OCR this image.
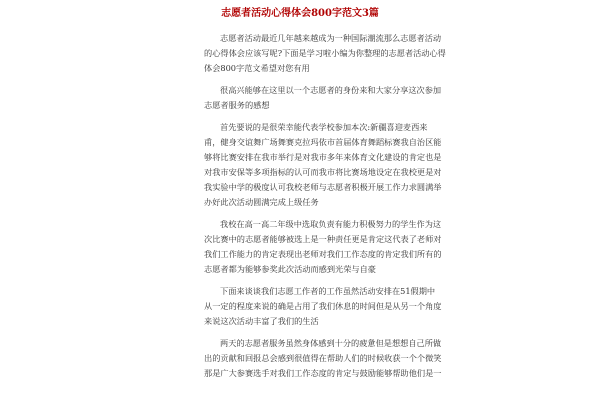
志愿者活动心得体会800字范文3篇
志愿者活动最近几年越来越成为一种国际潮流那么志愿者活动
的心得体会应该写呢?下面是学习啦小编为你整理的志愿者活动心得
体会800字范文希望对您有用
很高兴能够在这里以一个志愿者的身份来和大家分享这次参加
志愿者服务的感想
首先要说的是很荣幸能代表学校参加本次:新疆喜迎麦西来
甫，健身交谊舞广场舞赛克拉玛依市首届体育舞蹈标赛我自治区能
够将比赛安排在我市举行是对我市多年来体育文化建设的肯定也是
对我市安保等多项指标的认可而我市将比赛场地设定在我校更是对
我实验中学的极度认可我校老师与志愿者积极开展工作力求圆满举
办好此次活动圆满完成上级任务
我校在高一高二年级中选取负责有能力积极努力的学生作为这
次比赛中的志愿者能够被选上是一种责任更是肯定这代表了老师对
我们工作能力的肯定表现出老师对我们工作态度的肯定我们所有的
志愿者都为能够参奖此次活动而感到光荣与自豪
下面来谈谈我们志愿工作者的工作虽然活动安排在51假期中
从一定的程度来说的确是占用了我们休息的时间但是从另一个角度
来说这次活动丰富了我们的生活
两天的志愿者服务虽然身体感到十分的疲惫但是想想自己所做
出的贡献和回报总会感到很值得在帮助人们的时候收获一个个微笑
那是广大参赛选手对我们工作态度的肯定与鼓励能够帮助他们是一
